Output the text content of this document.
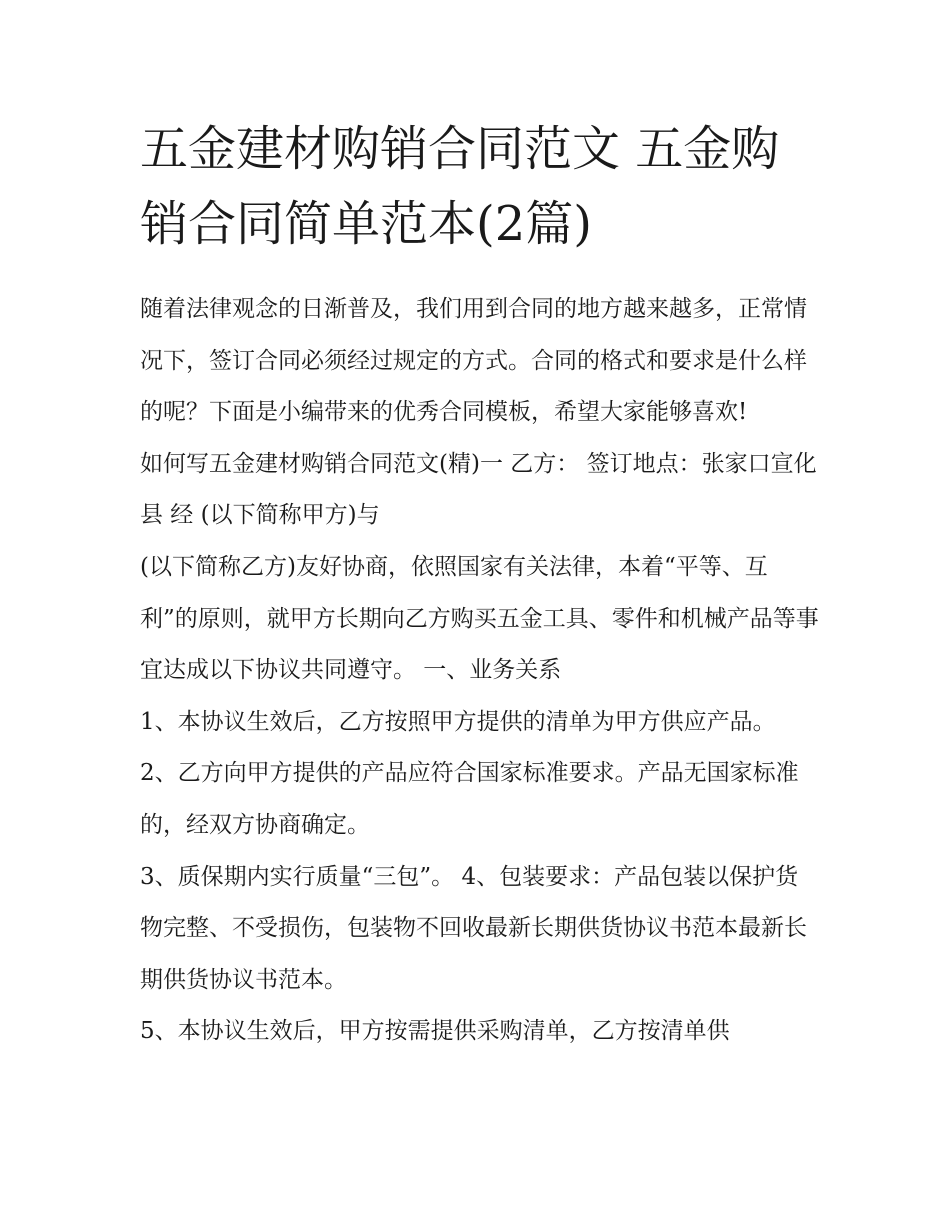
五金建材购销合同范文 五金购销合同简单范本(2篇)

随着法律观念的日渐普及，我们用到合同的地方越来越多，正常情况下，签订合同必须经过规定的方式。合同的格式和要求是什么样的呢？下面是小编带来的优秀合同模板，希望大家能够喜欢!

如何写五金建材购销合同范文(精)一 乙方： 签订地点：张家口宣化县 经 (以下简称甲方)与

(以下简称乙方)友好协商，依照国家有关法律，本着“平等、互利”的原则，就甲方长期向乙方购买五金工具、零件和机械产品等事宜达成以下协议共同遵守。 一、业务关系

1、本协议生效后，乙方按照甲方提供的清单为甲方供应产品。 2、乙方向甲方提供的产品应符合国家标准要求。产品无国家标准的，经双方协商确定。

3、质保期内实行质量“三包”。 4、包装要求：产品包装以保护货物完整、不受损伤，包装物不回收最新长期供货协议书范本最新长期供货协议书范本。

5、本协议生效后，甲方按需提供采购清单，乙方按清单供
